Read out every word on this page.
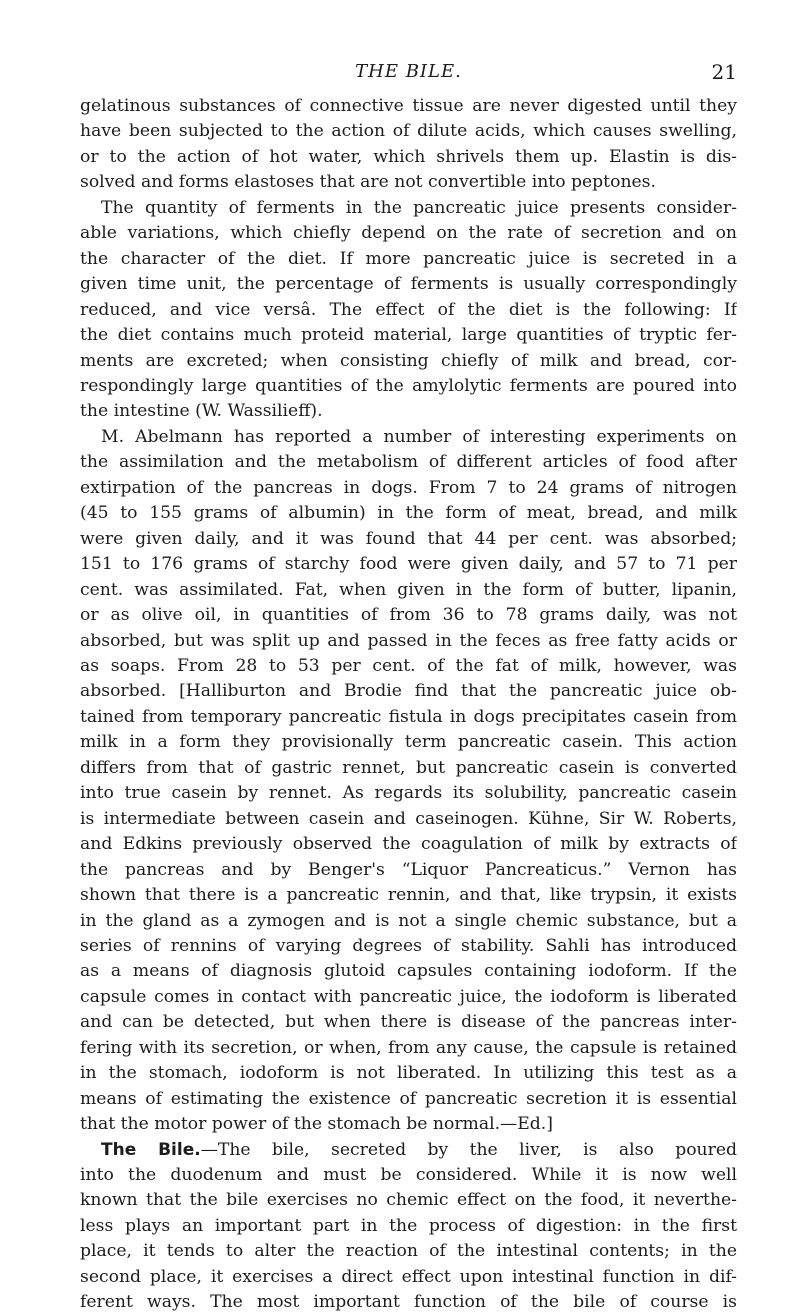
THE BILE.	21
gelatinous substances of connective tissue are never digested until they
have been subjected to the action of dilute acids, which causes swelling,
or to the action of hot water, which shrivels them up. Elastin is dis-
solved and forms elastoses that are not convertible into peptones.
The quantity of ferments in the pancreatic juice presents consider-
able variations, which chiefly depend on the rate of secretion and on
the character of the diet. If more pancreatic juice is secreted in a
given time unit, the percentage of ferments is usually correspondingly
reduced, and vice versâ. The effect of the diet is the following: If
the diet contains much proteid material, large quantities of tryptic fer-
ments are excreted; when consisting chiefly of milk and bread, cor-
respondingly large quantities of the amylolytic ferments are poured into
the intestine (W. Wassilieff).
M. Abelmann has reported a number of interesting experiments on
the assimilation and the metabolism of different articles of food after
extirpation of the pancreas in dogs. From 7 to 24 grams of nitrogen
(45 to 155 grams of albumin) in the form of meat, bread, and milk
were given daily, and it was found that 44 per cent. was absorbed;
151 to 176 grams of starchy food were given daily, and 57 to 71 per
cent. was assimilated. Fat, when given in the form of butter, lipanin,
or as olive oil, in quantities of from 36 to 78 grams daily, was not
absorbed, but was split up and passed in the feces as free fatty acids or
as soaps. From 28 to 53 per cent. of the fat of milk, however, was
absorbed. [Halliburton and Brodie find that the pancreatic juice ob-
tained from temporary pancreatic fistula in dogs precipitates casein from
milk in a form they provisionally term pancreatic casein. This action
differs from that of gastric rennet, but pancreatic casein is converted
into true casein by rennet. As regards its solubility, pancreatic casein
is intermediate between casein and caseinogen. Kühne, Sir W. Roberts,
and Edkins previously observed the coagulation of milk by extracts of
the pancreas and by Benger's “Liquor Pancreaticus.” Vernon has
shown that there is a pancreatic rennin, and that, like trypsin, it exists
in the gland as a zymogen and is not a single chemic substance, but a
series of rennins of varying degrees of stability. Sahli has introduced
as a means of diagnosis glutoid capsules containing iodoform. If the
capsule comes in contact with pancreatic juice, the iodoform is liberated
and can be detected, but when there is disease of the pancreas inter-
fering with its secretion, or when, from any cause, the capsule is retained
in the stomach, iodoform is not liberated. In utilizing this test as a
means of estimating the existence of pancreatic secretion it is essential
that the motor power of the stomach be normal.—Ed.]
The Bile.—The bile, secreted by the liver, is also poured
into the duodenum and must be considered. While it is now well
known that the bile exercises no chemic effect on the food, it neverthe-
less plays an important part in the process of digestion: in the first
place, it tends to alter the reaction of the intestinal contents; in the
second place, it exercises a direct effect upon intestinal function in dif-
ferent ways. The most important function of the bile of course is
